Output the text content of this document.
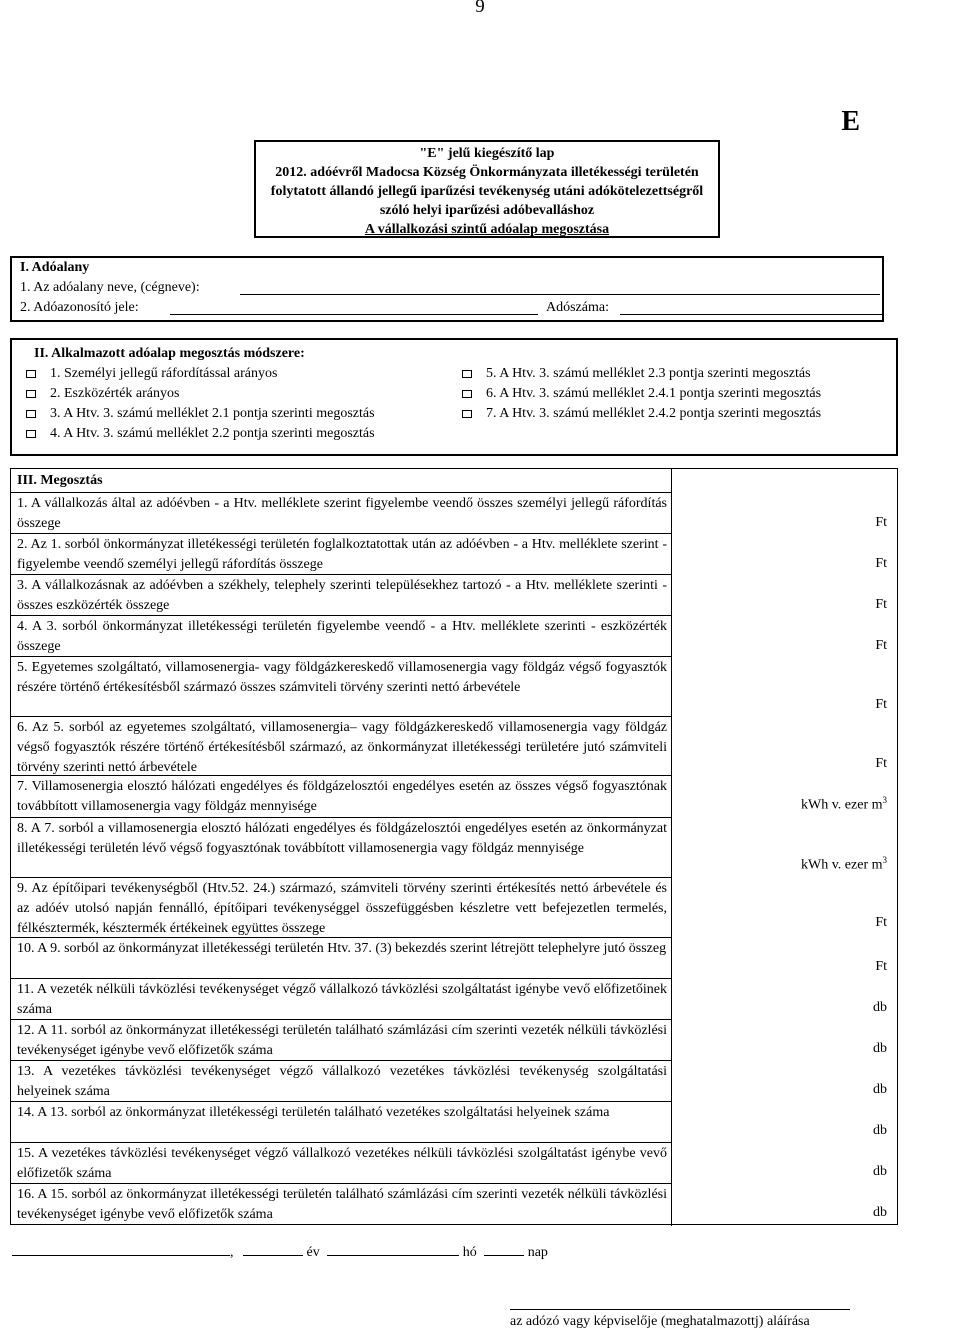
9
E
"E" jelű kiegészítő lap
2012. adóévről Madocsa Község Önkormányzata illetékességi területén
folytatott állandó jellegű iparűzési tevékenység utáni adókötelezettségről
szóló helyi iparűzési adóbevalláshoz
A vállalkozási szintű adóalap megosztása
I. Adóalany
1. Az adóalany neve, (cégneve):
2. Adóazonosító jele:	Adószáma:
II. Alkalmazott adóalap megosztás módszere:
1. Személyi jellegű ráfordítással arányos
2. Eszközérték arányos
3. A Htv. 3. számú melléklet 2.1 pontja szerinti megosztás
4. A Htv. 3. számú melléklet 2.2 pontja szerinti megosztás
5. A Htv. 3. számú melléklet 2.3 pontja szerinti megosztás
6. A Htv. 3. számú melléklet 2.4.1 pontja szerinti megosztás
7. A Htv. 3. számú melléklet 2.4.2 pontja szerinti megosztás
III. Megosztás
1. A vállalkozás által az adóévben - a Htv. melléklete szerint figyelembe veendő összes személyi jellegű ráfordítás összege	Ft
2. Az 1. sorból önkormányzat illetékességi területén foglalkoztatottak után az adóévben - a Htv. melléklete szerint - figyelembe veendő személyi jellegű ráfordítás összege	Ft
3. A vállalkozásnak az adóévben a székhely, telephely szerinti településekhez tartozó - a Htv. melléklete szerinti - összes eszközérték összege	Ft
4. A 3. sorból önkormányzat illetékességi területén figyelembe veendő - a Htv. melléklete szerinti - eszközérték összege	Ft
5. Egyetemes szolgáltató, villamosenergia- vagy földgázkereskedő villamosenergia vagy földgáz végső fogyasztók részére történő értékesítésből származó összes számviteli törvény szerinti nettó árbevétele
Ft
6. Az 5. sorból az egyetemes szolgáltató, villamosenergia– vagy földgázkereskedő villamosenergia vagy földgáz végső fogyasztók részére történő értékesítésből származó, az önkormányzat illetékességi területére jutó számviteli törvény szerinti nettó árbevétele	Ft
7. Villamosenergia elosztó hálózati engedélyes és földgázelosztói engedélyes esetén az összes végső fogyasztónak továbbított villamosenergia vagy földgáz mennyisége	kWh v. ezer $m^3$
8. A 7. sorból a villamosenergia elosztó hálózati engedélyes és földgázelosztói engedélyes esetén az önkormányzat illetékességi területén lévő végső fogyasztónak továbbított villamosenergia vagy földgáz mennyisége
kWh v. ezer $m^3$
9. Az építőipari tevékenységből (Htv.52. 24.) származó, számviteli törvény szerinti értékesítés nettó árbevétele és az adóév utolsó napján fennálló, építőipari tevékenységgel összefüggésben készletre vett befejezetlen termelés, félkésztermék, késztermék értékeinek együttes összege	Ft
10. A 9. sorból az önkormányzat illetékességi területén Htv. 37. (3) bekezdés szerint létrejött telephelyre jutó összeg
Ft
11. A vezeték nélküli távközlési tevékenységet végző vállalkozó távközlési szolgáltatást igénybe vevő előfizetőinek száma	db
12. A 11. sorból az önkormányzat illetékességi területén található számlázási cím szerinti vezeték nélküli távközlési tevékenységet igénybe vevő előfizetők száma	db
13. A vezetékes távközlési tevékenységet végző vállalkozó vezetékes távközlési tevékenység szolgáltatási helyeinek száma	db
14. A 13. sorból az önkormányzat illetékességi területén található vezetékes szolgáltatási helyeinek száma
db
15. A vezetékes távközlési tevékenységet végző vállalkozó vezetékes nélküli távközlési szolgáltatást igénybe vevő előfizetők száma	db
16. A 15. sorból az önkormányzat illetékességi területén található számlázási cím szerinti vezeték nélküli távközlési tevékenységet igénybe vevő előfizetők száma	db
,	év	hó	nap
az adózó vagy képviselője (meghatalmazottj) aláírása
